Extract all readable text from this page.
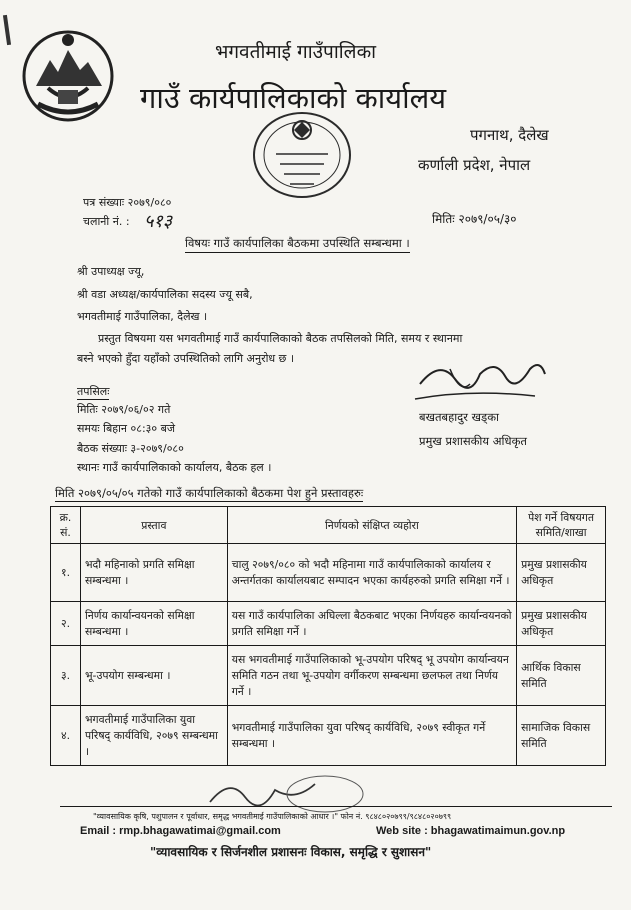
भगवतीमाई गाउँपालिका
गाउँ कार्यपालिकाको कार्यालय
पगनाथ, दैलेख
कर्णाली प्रदेश, नेपाल
पत्र संख्याः २०७९/०८०
चलानी नं. : ५१३	मितिः २०७९/०५/३०
विषयः गाउँ कार्यपालिका बैठकमा उपस्थिति सम्बन्धमा ।
श्री उपाध्यक्ष ज्यू,
श्री वडा अध्यक्ष/कार्यपालिका सदस्य ज्यू सबै,
भगवतीमाई गाउँपालिका, दैलेख ।
प्रस्तुत विषयमा यस भगवतीमाई गाउँ कार्यपालिकाको बैठक तपसिलको मिति, समय र स्थानमा
बस्ने भएको हुँदा यहाँको उपस्थितिको लागि अनुरोध छ ।
बखतबहादुर खड्का
प्रमुख प्रशासकीय अधिकृत
तपसिलः
मितिः २०७९/०६/०२ गते
समयः बिहान ०८:३० बजे
बैठक संख्याः ३-२०७९/०८०
स्थानः गाउँ कार्यपालिकाको कार्यालय, बैठक हल ।
मिति २०७९/०५/०५ गतेको गाउँ कार्यपालिकाको बैठकमा पेश हुने प्रस्तावहरुः
क्र. सं.	प्रस्ताव	निर्णयको संक्षिप्त व्यहोरा	पेश गर्ने विषयगत समिति/शाखा
१.	भदौ महिनाको प्रगति समिक्षा सम्बन्धमा ।	चालु २०७९/०८० को भदौ महिनामा गाउँ कार्यपालिकाको कार्यालय र अन्तर्गतका कार्यालयबाट सम्पादन भएका कार्यहरुको प्रगति समिक्षा गर्ने ।	प्रमुख प्रशासकीय अधिकृत
२.	निर्णय कार्यान्वयनको समिक्षा सम्बन्धमा ।	यस गाउँ कार्यपालिका अघिल्ला बैठकबाट भएका निर्णयहरु कार्यान्वयनको प्रगति समिक्षा गर्ने ।	प्रमुख प्रशासकीय अधिकृत
३.	भू-उपयोग सम्बन्धमा ।	यस भगवतीमाई गाउँपालिकाको भू-उपयोग परिषद् भू उपयोग कार्यान्वयन समिति गठन तथा भू-उपयोग वर्गीकरण सम्बन्धमा छलफल तथा निर्णय गर्ने ।	आर्थिक विकास समिति
४.	भगवतीमाई गाउँपालिका युवा परिषद् कार्यविधि, २०७९ सम्बन्धमा ।	भगवतीमाई गाउँपालिका युवा परिषद् कार्यविधि, २०७९ स्वीकृत गर्ने सम्बन्धमा ।	सामाजिक विकास समिति
"व्यावसायिक कृषि, पशुपालन र पूर्वाधार, समृद्ध भगवतीमाई गाउँपालिकाको आधार ।" फोन नं. ९८४८०२०७९९/९८४८०२०७९९
Email : rmp.bhagawatimai@gmail.com	Web site : bhagawatimaimun.gov.np
"व्यावसायिक र सिर्जनशील प्रशासनः विकास, समृद्धि र सुशासन"
